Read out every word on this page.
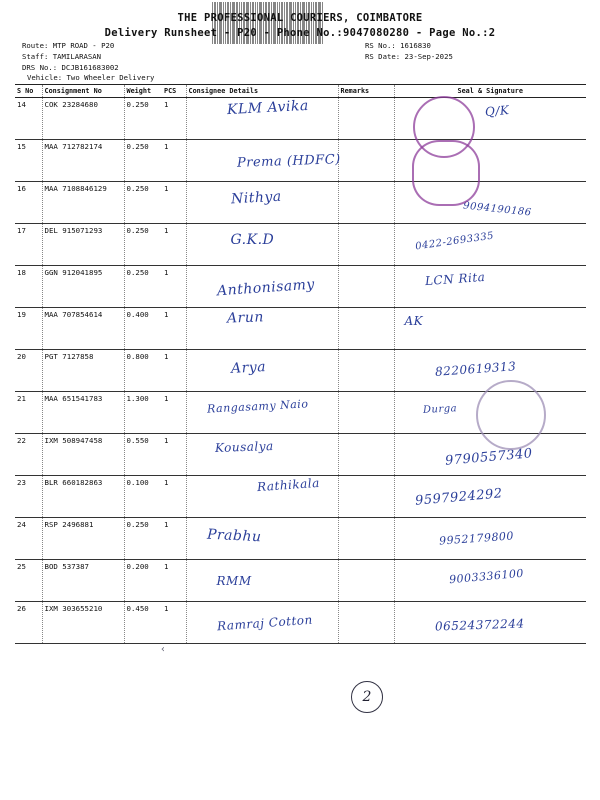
THE PROFESSIONAL COURIERS, COIMBATORE
Delivery Runsheet - P20 - Phone No.:9047080280 - Page No.:2
Route: MTP ROAD - P20
Staff: TAMILARASAN
DRS No.: DCJB161683002
Vehicle: Two Wheeler Delivery
RS No.: 1616830
RS Date: 23-Sep-2025
S No	Consignment No	Weight	PCS	Consignee Details	Remarks	Seal & Signature
14	COK 23284680	0.250	1	KLM Avika		Q/K

15	MAA 712782174	0.250	1	Prema (HDFC)		

16	MAA 7108846129	0.250	1	Nithya		9094190186

17	DEL 915071293	0.250	1	G.K.D		0422-2693335

18	GGN 912041895	0.250	1	Anthonisamy		LCN Rita

19	MAA 707854614	0.400	1	Arun		AK

20	PGT 7127858	0.800	1	Arya		8220619313

21	MAA 651541783	1.300	1	Rangasamy Naio		Durga

22	IXM 508947458	0.550	1	Kousalya		9790557340

23	BLR 660182863	0.100	1	Rathikala		9597924292

24	RSP 2496881	0.250	1	Prabhu		9952179800

25	BOD 537387	0.200	1	RMM		9003336100

26	IXM 303655210	0.450	1	Ramraj Cotton		06524372244
2
‹
